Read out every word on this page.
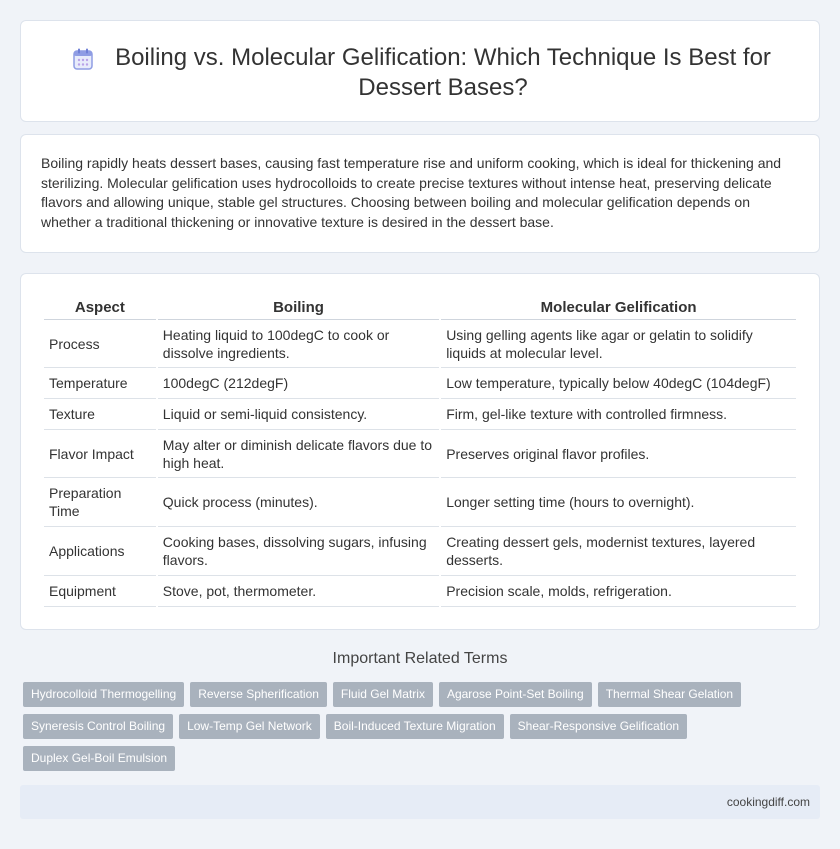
Boiling vs. Molecular Gelification: Which Technique Is Best for Dessert Bases?

Boiling rapidly heats dessert bases, causing fast temperature rise and uniform cooking, which is ideal for thickening and sterilizing. Molecular gelification uses hydrocolloids to create precise textures without intense heat, preserving delicate flavors and allowing unique, stable gel structures. Choosing between boiling and molecular gelification depends on whether a traditional thickening or innovative texture is desired in the dessert base.

Aspect	Boiling	Molecular Gelification
Process	Heating liquid to 100degC to cook or dissolve ingredients.	Using gelling agents like agar or gelatin to solidify liquids at molecular level.
Temperature	100degC (212degF)	Low temperature, typically below 40degC (104degF)
Texture	Liquid or semi-liquid consistency.	Firm, gel-like texture with controlled firmness.
Flavor Impact	May alter or diminish delicate flavors due to high heat.	Preserves original flavor profiles.
Preparation Time	Quick process (minutes).	Longer setting time (hours to overnight).
Applications	Cooking bases, dissolving sugars, infusing flavors.	Creating dessert gels, modernist textures, layered desserts.
Equipment	Stove, pot, thermometer.	Precision scale, molds, refrigeration.
Important Related Terms
Hydrocolloid Thermogelling	Reverse Spherification	Fluid Gel Matrix	Agarose Point-Set Boiling	Thermal Shear Gelation
Syneresis Control Boiling	Low-Temp Gel Network	Boil-Induced Texture Migration	Shear-Responsive Gelification
Duplex Gel-Boil Emulsion
cookingdiff.com
